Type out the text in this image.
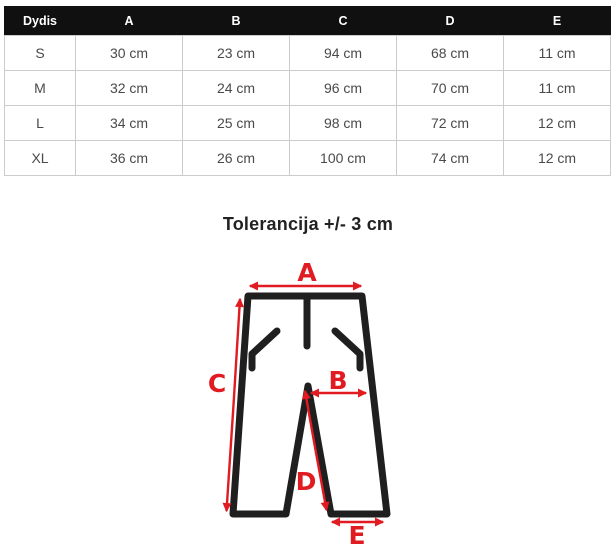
Dydis	A	B	C	D	E
S	30 cm	23 cm	94 cm	68 cm	11 cm
M	32 cm	24 cm	96 cm	70 cm	11 cm
L	34 cm	25 cm	98 cm	72 cm	12 cm
XL	36 cm	26 cm	100 cm	74 cm	12 cm
Tolerancija +/- 3 cm
A
B
C
D
E
